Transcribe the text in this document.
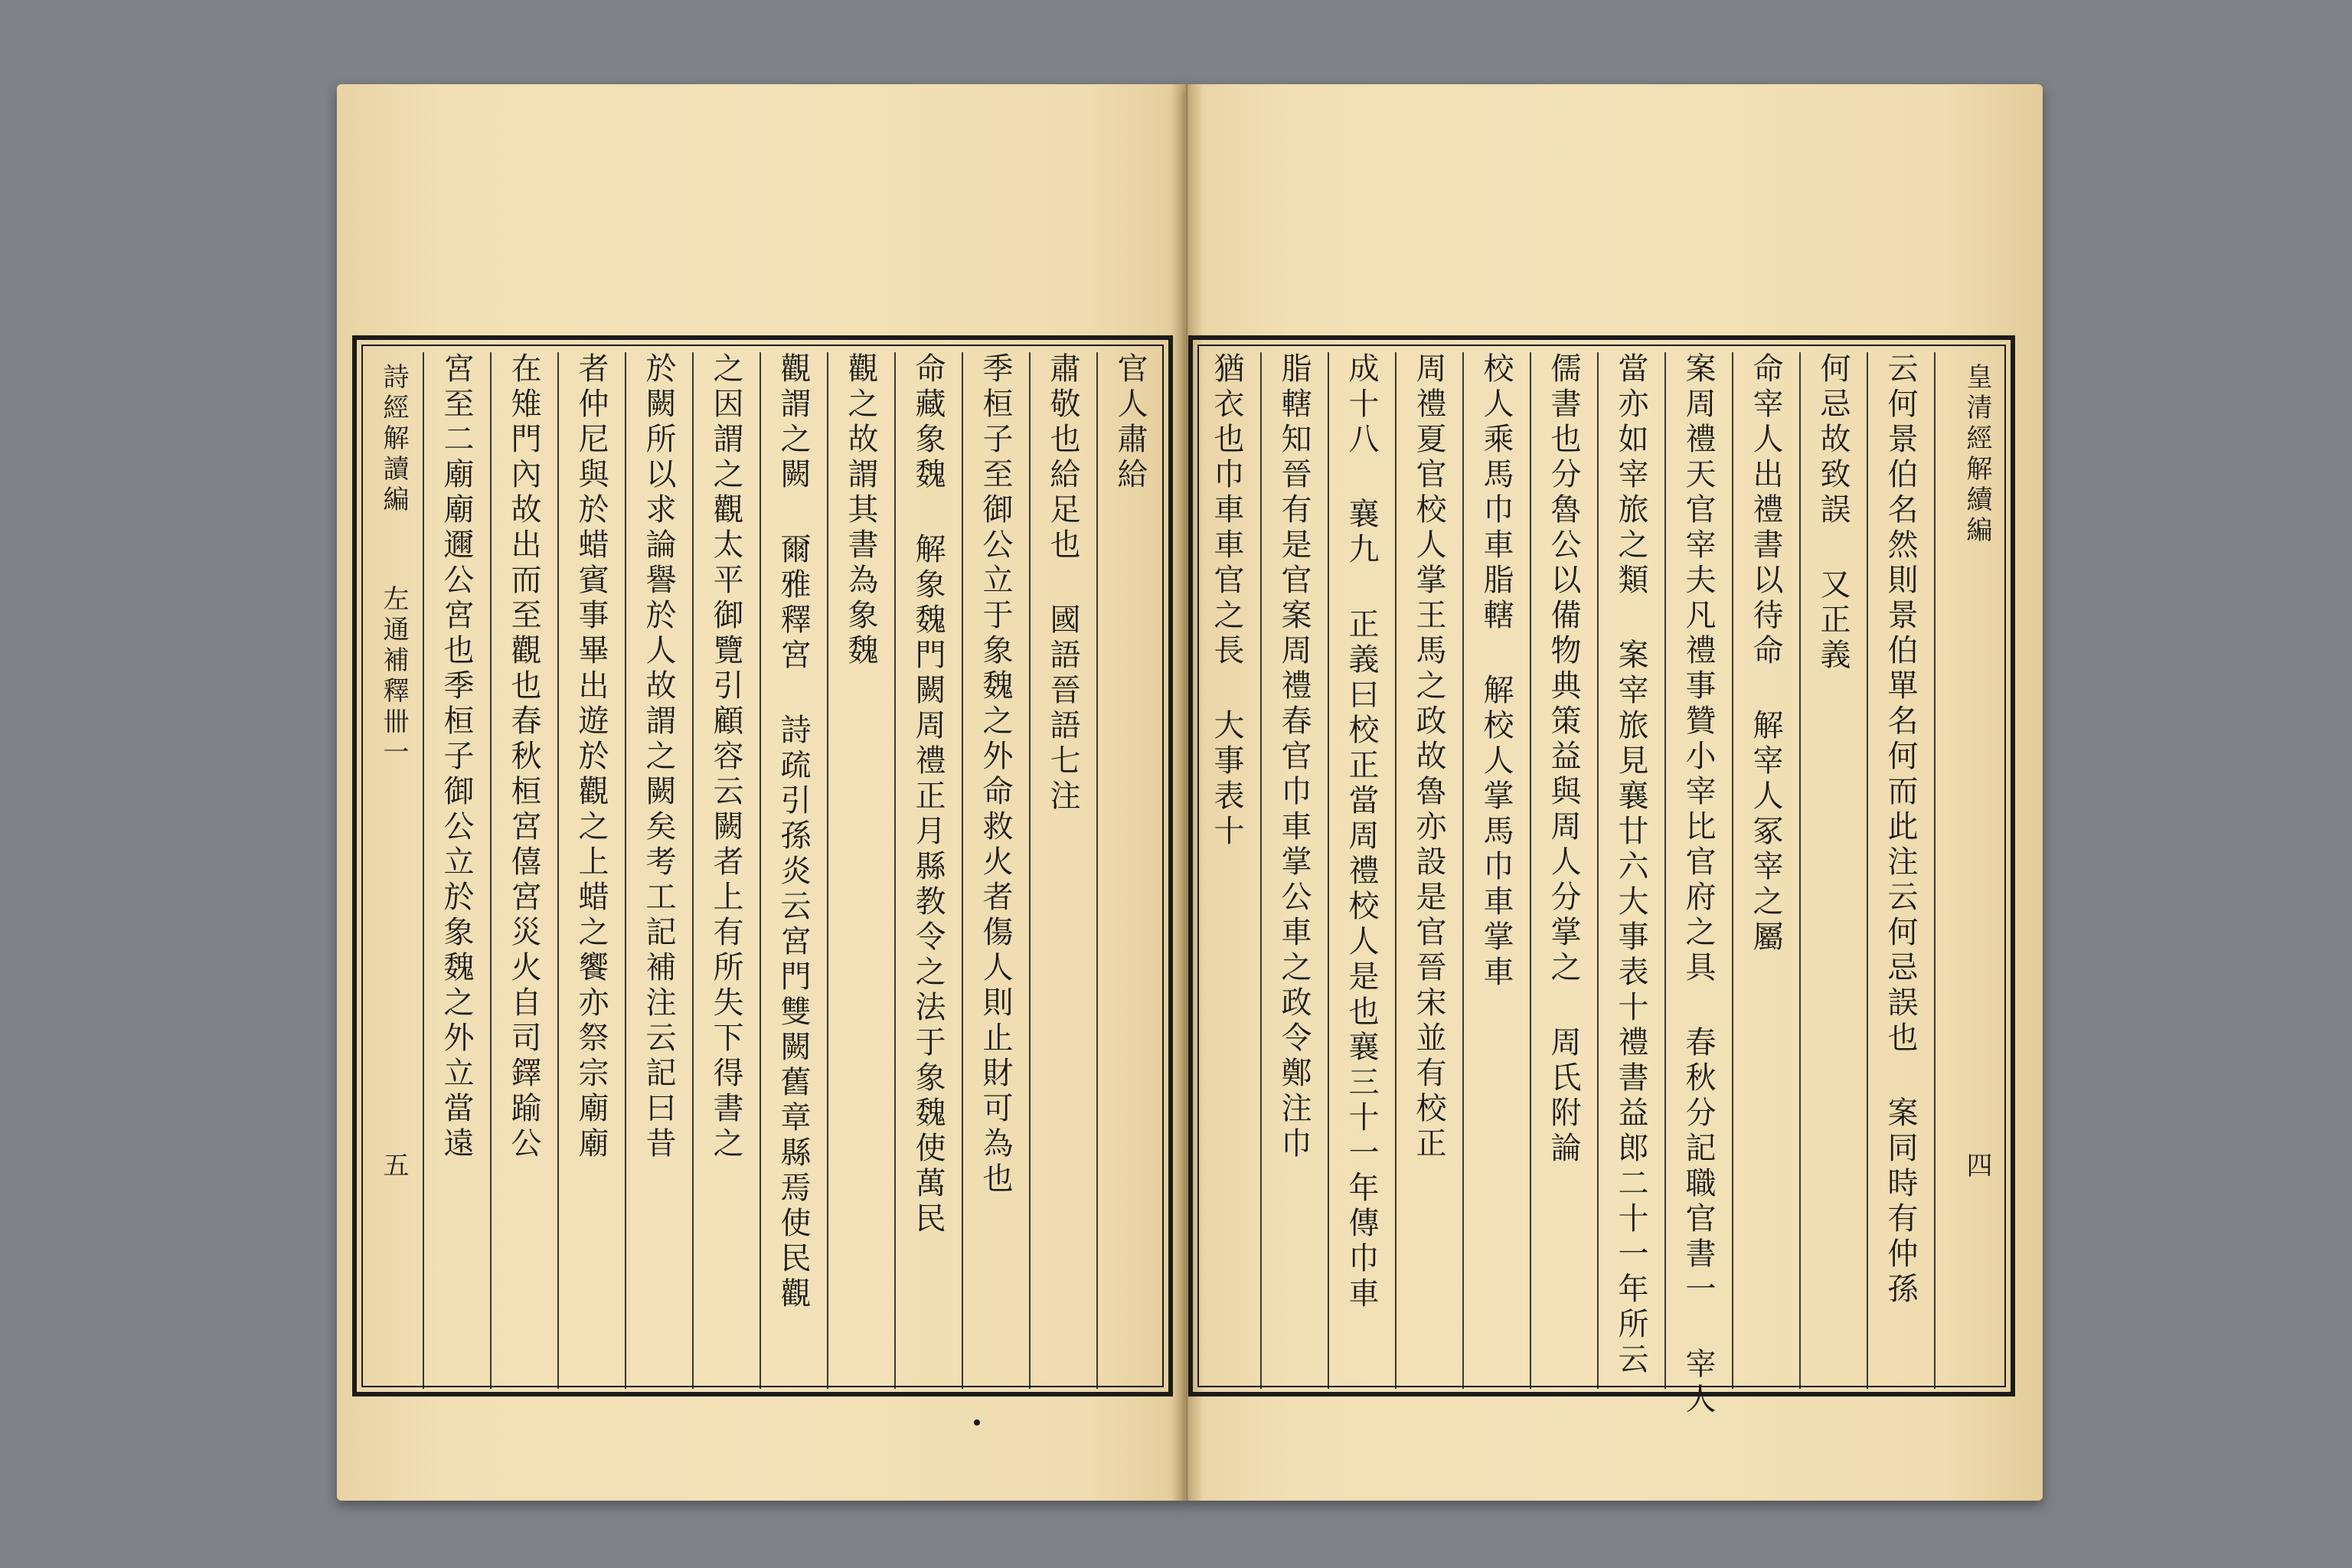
官人肅給
肅敬也給足也 國語晉語七注
季桓子至御公立于象魏之外命救火者傷人則止財可為也
命藏象魏 解象魏門闕周禮正月縣教令之法于象魏使萬民
觀之故謂其書為象魏
觀謂之闕 爾雅釋宮 詩疏引孫炎云宮門雙闕舊章縣焉使民觀
之因謂之觀太平御覽引顧容云闕者上有所失下得書之
於闕所以求論譽於人故謂之闕矣考工記補注云記曰昔
者仲尼與於蜡賓事畢出遊於觀之上蜡之饗亦祭宗廟廟
在雉門內故出而至觀也春秋桓宮僖宮災火自司鐸踰公
宮至二廟廟邇公宮也季桓子御公立於象魏之外立當遠
詩經解讀編
左通補釋卌一
五	云何景伯名然則景伯單名何而此注云何忌誤也 案同時有仲孫
何忌故致誤 又正義
命宰人出禮書以待命 解宰人冢宰之屬
案周禮天官宰夫凡禮事贊小宰比官府之具 春秋分記職官書一 宰人
當亦如宰旅之類 案宰旅見襄廿六大事表十禮書益郎二十一年所云
儒書也分魯公以備物典策益與周人分掌之 周氏附論
校人乘馬巾車脂轄 解校人掌馬巾車掌車
周禮夏官校人掌王馬之政故魯亦設是官晉宋並有校正
成十八 襄九 正義曰校正當周禮校人是也襄三十一年傳巾車
脂轄知晉有是官案周禮春官巾車掌公車之政令鄭注巾
猶衣也巾車車官之長 大事表十	皇清經解續編
四
